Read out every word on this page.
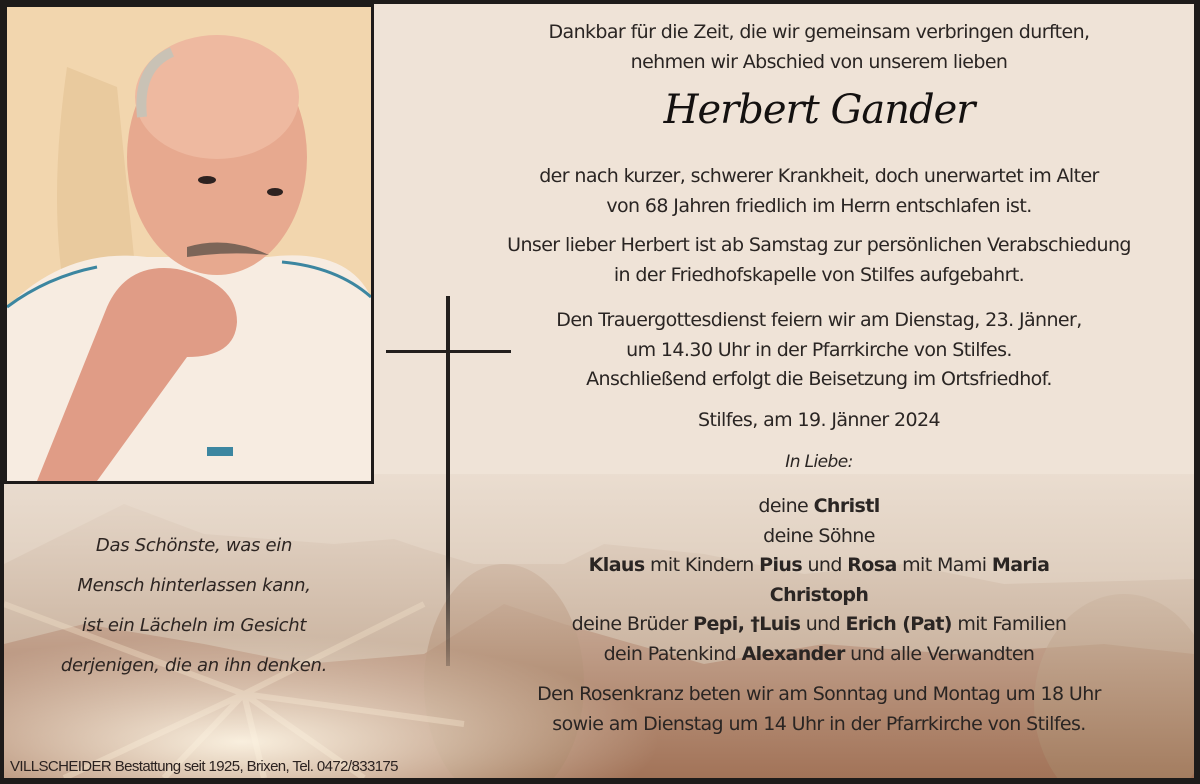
Dankbar für die Zeit, die wir gemeinsam verbringen durften,

nehmen wir Abschied von unserem lieben

Herbert Gander

der nach kurzer, schwerer Krankheit, doch unerwartet im Alter

von 68 Jahren friedlich im Herrn entschlafen ist.

Unser lieber Herbert ist ab Samstag zur persönlichen Verabschiedung

in der Friedhofskapelle von Stilfes aufgebahrt.

Den Trauergottesdienst feiern wir am Dienstag, 23. Jänner,

um 14.30 Uhr in der Pfarrkirche von Stilfes.

Anschließend erfolgt die Beisetzung im Ortsfriedhof.

Stilfes, am 19. Jänner 2024

In Liebe:

deine Christl

deine Söhne

Klaus mit Kindern Pius und Rosa mit Mami Maria

Christoph

deine Brüder Pepi, †Luis und Erich (Pat) mit Familien

dein Patenkind Alexander und alle Verwandten

Den Rosenkranz beten wir am Sonntag und Montag um 18 Uhr

sowie am Dienstag um 14 Uhr in der Pfarrkirche von Stilfes.

Das Schönste, was ein

Mensch hinterlassen kann,

ist ein Lächeln im Gesicht

derjenigen, die an ihn denken.

VILLSCHEIDER Bestattung seit 1925, Brixen, Tel. 0472/833175
